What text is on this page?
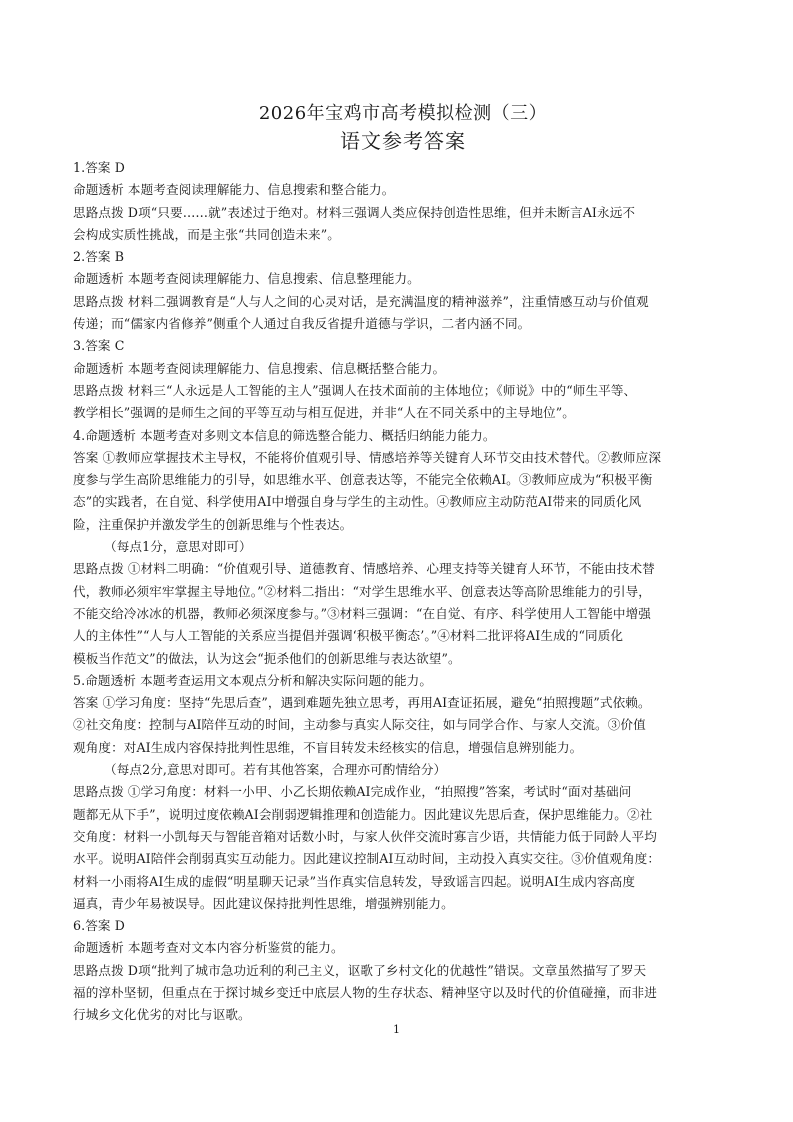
2026年宝鸡市高考模拟检测（三）
语文参考答案

1.答案 D

命题透析 本题考查阅读理解能力、信息搜索和整合能力。

思路点拨 D项“只要……就”表述过于绝对。材料三强调人类应保持创造性思维，但并未断言AI永远不

会构成实质性挑战，而是主张“共同创造未来”。

2.答案 B

命题透析 本题考查阅读理解能力、信息搜索、信息整理能力。

思路点拨 材料二强调教育是“人与人之间的心灵对话，是充满温度的精神滋养”，注重情感互动与价值观

传递；而“儒家内省修养”侧重个人通过自我反省提升道德与学识，二者内涵不同。

3.答案 C

命题透析 本题考查阅读理解能力、信息搜索、信息概括整合能力。

思路点拨 材料三“人永远是人工智能的主人”强调人在技术面前的主体地位；《师说》中的“师生平等、

教学相长”强调的是师生之间的平等互动与相互促进，并非“人在不同关系中的主导地位”。

4.命题透析 本题考查对多则文本信息的筛选整合能力、概括归纳能力能力。

答案 ①教师应掌握技术主导权，不能将价值观引导、情感培养等关键育人环节交由技术替代。②教师应深

度参与学生高阶思维能力的引导，如思维水平、创意表达等，不能完全依赖AI。③教师应成为“积极平衡

态”的实践者，在自觉、科学使用AI中增强自身与学生的主动性。④教师应主动防范AI带来的同质化风

险，注重保护并激发学生的创新思维与个性表达。

（每点1分，意思对即可）

思路点拨 ①材料二明确：“价值观引导、道德教育、情感培养、心理支持等关键育人环节，不能由技术替

代，教师必须牢牢掌握主导地位。”②材料二指出：“对学生思维水平、创意表达等高阶思维能力的引导，

不能交给冷冰冰的机器，教师必须深度参与。”③材料三强调：“在自觉、有序、科学使用人工智能中增强

人的主体性”“人与人工智能的关系应当提倡并强调‘积极平衡态’。”④材料二批评将AI生成的“同质化

模板当作范文”的做法，认为这会“扼杀他们的创新思维与表达欲望”。

5.命题透析 本题考查运用文本观点分析和解决实际问题的能力。

答案 ①学习角度：坚持“先思后查”，遇到难题先独立思考，再用AI查证拓展，避免“拍照搜题”式依赖。

②社交角度：控制与AI陪伴互动的时间，主动参与真实人际交往，如与同学合作、与家人交流。③价值

观角度：对AI生成内容保持批判性思维，不盲目转发未经核实的信息，增强信息辨别能力。

（每点2分,意思对即可。若有其他答案，合理亦可酌情给分）

思路点拨 ①学习角度：材料一小甲、小乙长期依赖AI完成作业，“拍照搜”答案，考试时“面对基础问

题都无从下手”，说明过度依赖AI会削弱逻辑推理和创造能力。因此建议先思后查，保护思维能力。②社

交角度：材料一小凯每天与智能音箱对话数小时，与家人伙伴交流时寡言少语，共情能力低于同龄人平均

水平。说明AI陪伴会削弱真实互动能力。因此建议控制AI互动时间，主动投入真实交往。③价值观角度：

材料一小雨将AI生成的虚假“明星聊天记录”当作真实信息转发，导致谣言四起。说明AI生成内容高度

逼真，青少年易被误导。因此建议保持批判性思维，增强辨别能力。

6.答案 D

命题透析 本题考查对文本内容分析鉴赏的能力。

思路点拨 D项“批判了城市急功近利的利己主义，讴歌了乡村文化的优越性”错误。文章虽然描写了罗天

福的淳朴坚韧，但重点在于探讨城乡变迁中底层人物的生存状态、精神坚守以及时代的价值碰撞，而非进

行城乡文化优劣的对比与讴歌。

1
